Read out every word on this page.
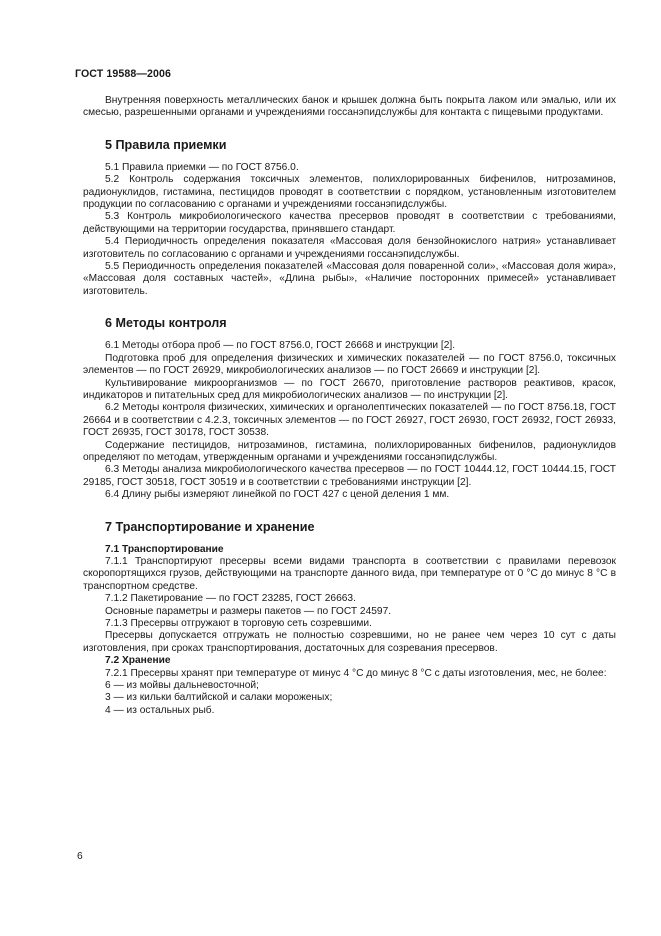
ГОСТ 19588—2006

Внутренняя поверхность металлических банок и крышек должна быть покрыта лаком или эмалью, или их смесью, разрешенными органами и учреждениями госсанэпидслужбы для контакта с пищевыми продуктами.

5 Правила приемки

5.1 Правила приемки — по ГОСТ 8756.0.

5.2 Контроль содержания токсичных элементов, полихлорированных бифенилов, нитрозаминов, радионуклидов, гистамина, пестицидов проводят в соответствии с порядком, установленным изготовителем продукции по согласованию с органами и учреждениями госсанэпидслужбы.

5.3 Контроль микробиологического качества пресервов проводят в соответствии с требованиями, действующими на территории государства, принявшего стандарт.

5.4 Периодичность определения показателя «Массовая доля бензойнокислого натрия» устанавливает изготовитель по согласованию с органами и учреждениями госсанэпидслужбы.

5.5 Периодичность определения показателей «Массовая доля поваренной соли», «Массовая доля жира», «Массовая доля составных частей», «Длина рыбы», «Наличие посторонних примесей» устанавливает изготовитель.

6 Методы контроля

6.1 Методы отбора проб — по ГОСТ 8756.0, ГОСТ 26668 и инструкции [2].

Подготовка проб для определения физических и химических показателей — по ГОСТ 8756.0, токсичных элементов — по ГОСТ 26929, микробиологических анализов — по ГОСТ 26669 и инструкции [2].

Культивирование микроорганизмов — по ГОСТ 26670, приготовление растворов реактивов, красок, индикаторов и питательных сред для микробиологических анализов — по инструкции [2].

6.2 Методы контроля физических, химических и органолептических показателей — по ГОСТ 8756.18, ГОСТ 26664 и в соответствии с 4.2.3, токсичных элементов — по ГОСТ 26927, ГОСТ 26930, ГОСТ 26932, ГОСТ 26933, ГОСТ 26935, ГОСТ 30178, ГОСТ 30538.

Содержание пестицидов, нитрозаминов, гистамина, полихлорированных бифенилов, радионуклидов определяют по методам, утвержденным органами и учреждениями госсанэпидслужбы.

6.3 Методы анализа микробиологического качества пресервов — по ГОСТ 10444.12, ГОСТ 10444.15, ГОСТ 29185, ГОСТ 30518, ГОСТ 30519 и в соответствии с требованиями инструкции [2].

6.4 Длину рыбы измеряют линейкой по ГОСТ 427 с ценой деления 1 мм.

7 Транспортирование и хранение

7.1 Транспортирование

7.1.1 Транспортируют пресервы всеми видами транспорта в соответствии с правилами перевозок скоропортящихся грузов, действующими на транспорте данного вида, при температуре от 0 °С до минус 8 °С в транспортном средстве.

7.1.2 Пакетирование — по ГОСТ 23285, ГОСТ 26663.

Основные параметры и размеры пакетов — по ГОСТ 24597.

7.1.3 Пресервы отгружают в торговую сеть созревшими.

Пресервы допускается отгружать не полностью созревшими, но не ранее чем через 10 сут с даты изготовления, при сроках транспортирования, достаточных для созревания пресервов.

7.2 Хранение

7.2.1 Пресервы хранят при температуре от минус 4 °С до минус 8 °С с даты изготовления, мес, не более:

6 — из мойвы дальневосточной;

3 — из кильки балтийской и салаки мороженых;

4 — из остальных рыб.

6
